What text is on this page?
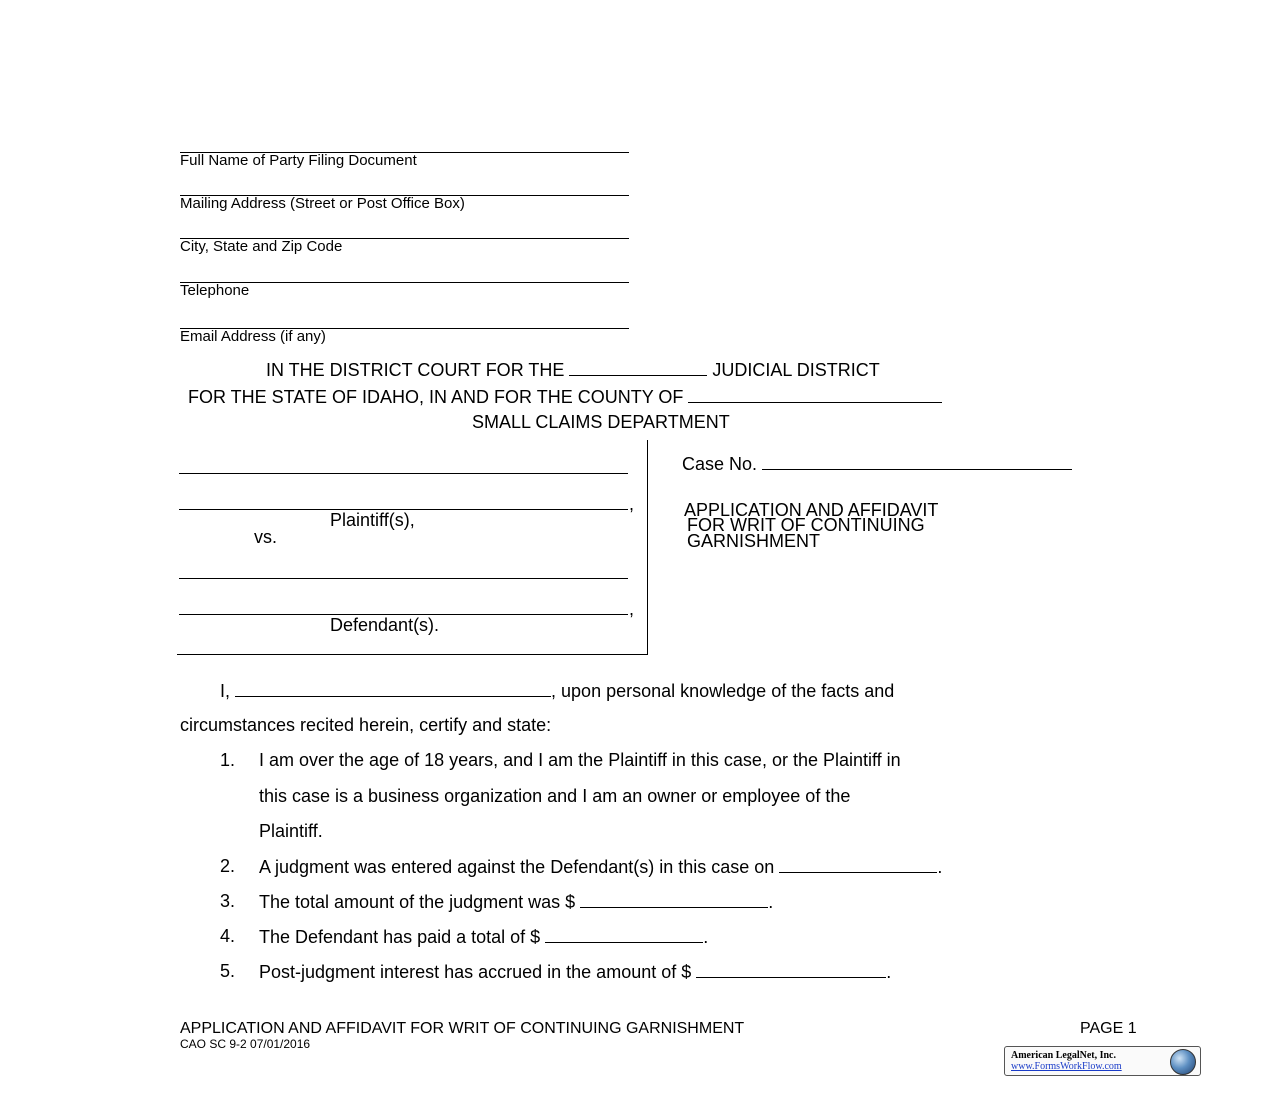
Full Name of Party Filing Document
Mailing Address (Street or Post Office Box)
City, State and Zip Code
Telephone
Email Address (if any)
IN THE DISTRICT COURT FOR THE	JUDICIAL DISTRICT
FOR THE STATE OF IDAHO, IN AND FOR THE COUNTY OF
SMALL CLAIMS DEPARTMENT
,
Plaintiff(s),
vs.
,
Defendant(s).
Case No.
APPLICATION AND AFFIDAVIT
FOR WRIT OF CONTINUING
GARNISHMENT
I,	, upon personal knowledge of the facts and
circumstances recited herein, certify and state:
1. I am over the age of 18 years, and I am the Plaintiff in this case, or the Plaintiff in
this case is a business organization and I am an owner or employee of the
Plaintiff.
2. A judgment was entered against the Defendant(s) in this case on	.
3. The total amount of the judgment was $	.
4. The Defendant has paid a total of $	.
5. Post-judgment interest has accrued in the amount of $	.
APPLICATION AND AFFIDAVIT FOR WRIT OF CONTINUING GARNISHMENT	PAGE 1
CAO SC 9-2 07/01/2016
American LegalNet, Inc.
www.FormsWorkFlow.com
